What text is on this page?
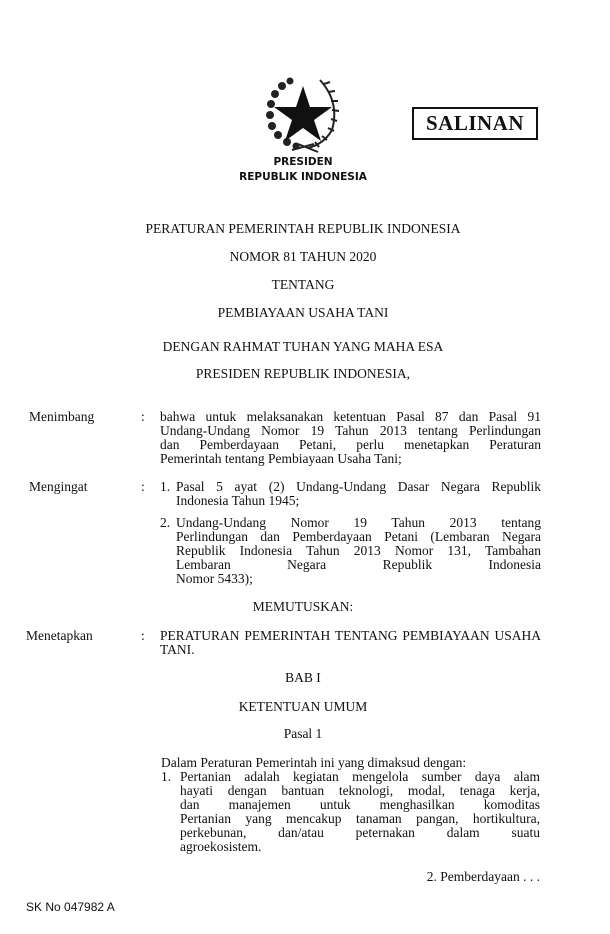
SALINAN
PRESIDEN
REPUBLIK INDONESIA
PERATURAN PEMERINTAH REPUBLIK INDONESIA
NOMOR 81 TAHUN 2020
TENTANG
PEMBIAYAAN USAHA TANI
DENGAN RAHMAT TUHAN YANG MAHA ESA
PRESIDEN REPUBLIK INDONESIA,
Menimbang	: bahwa untuk melaksanakan ketentuan Pasal 87 dan Pasal 91
Undang-Undang Nomor 19 Tahun 2013 tentang Perlindungan
dan Pemberdayaan Petani, perlu menetapkan Peraturan
Pemerintah tentang Pembiayaan Usaha Tani;
Mengingat	: 1. Pasal 5 ayat (2) Undang-Undang Dasar Negara Republik
Indonesia Tahun 1945;
2. Undang-Undang Nomor 19 Tahun 2013 tentang
Perlindungan dan Pemberdayaan Petani (Lembaran Negara
Republik Indonesia Tahun 2013 Nomor 131, Tambahan
Lembaran Negara Republik Indonesia
Nomor 5433);
MEMUTUSKAN:
Menetapkan	: PERATURAN PEMERINTAH TENTANG PEMBIAYAAN USAHA
TANI.
BAB I
KETENTUAN UMUM
Pasal 1
Dalam Peraturan Pemerintah ini yang dimaksud dengan:
1. Pertanian adalah kegiatan mengelola sumber daya alam
hayati dengan bantuan teknologi, modal, tenaga kerja,
dan manajemen untuk menghasilkan komoditas
Pertanian yang mencakup tanaman pangan, hortikultura,
perkebunan, dan/atau peternakan dalam suatu
agroekosistem.
2. Pemberdayaan . . .
SK No 047982 A
